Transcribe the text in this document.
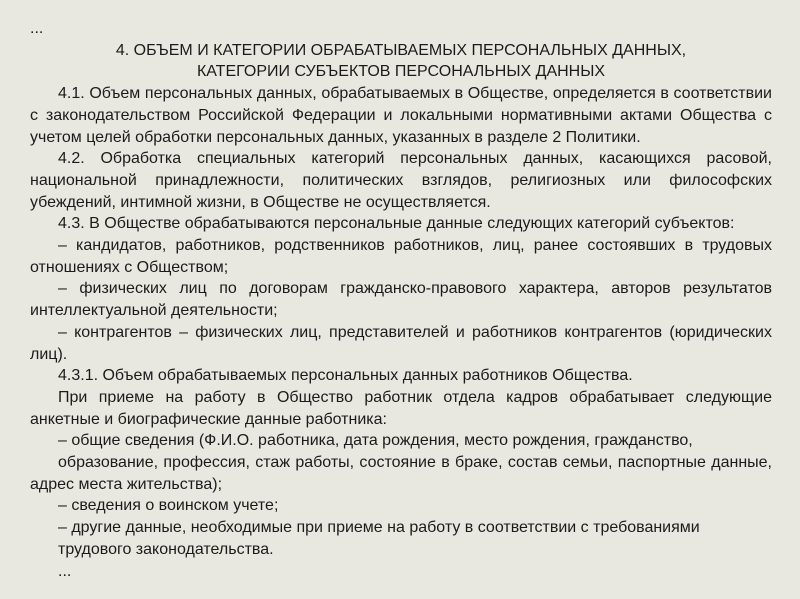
...

4. ОБЪЕМ И КАТЕГОРИИ ОБРАБАТЫВАЕМЫХ ПЕРСОНАЛЬНЫХ ДАННЫХ,
КАТЕГОРИИ СУБЪЕКТОВ ПЕРСОНАЛЬНЫХ ДАННЫХ

4.1. Объем персональных данных, обрабатываемых в Обществе, определяется в соответствии с законодательством Российской Федерации и локальными нормативными актами Общества с учетом целей обработки персональных данных, указанных в разделе 2 Политики.

4.2. Обработка специальных категорий персональных данных, касающихся расовой, национальной принадлежности, политических взглядов, религиозных или философских убеждений, интимной жизни, в Обществе не осуществляется.

4.3. В Обществе обрабатываются персональные данные следующих категорий субъектов:

– кандидатов, работников, родственников работников, лиц, ранее состоявших в трудовых отношениях с Обществом;

– физических лиц по договорам гражданско-правового характера, авторов результатов интеллектуальной деятельности;

– контрагентов – физических лиц, представителей и работников контрагентов (юридических лиц).

4.3.1. Объем обрабатываемых персональных данных работников Общества.

При приеме на работу в Общество работник отдела кадров обрабатывает следующие анкетные и биографические данные работника:

– общие сведения (Ф.И.О. работника, дата рождения, место рождения, гражданство,

образование, профессия, стаж работы, состояние в браке, состав семьи, паспортные данные, адрес места жительства);

– сведения о воинском учете;

– другие данные, необходимые при приеме на работу в соответствии с требованиями

трудового законодательства.

...
